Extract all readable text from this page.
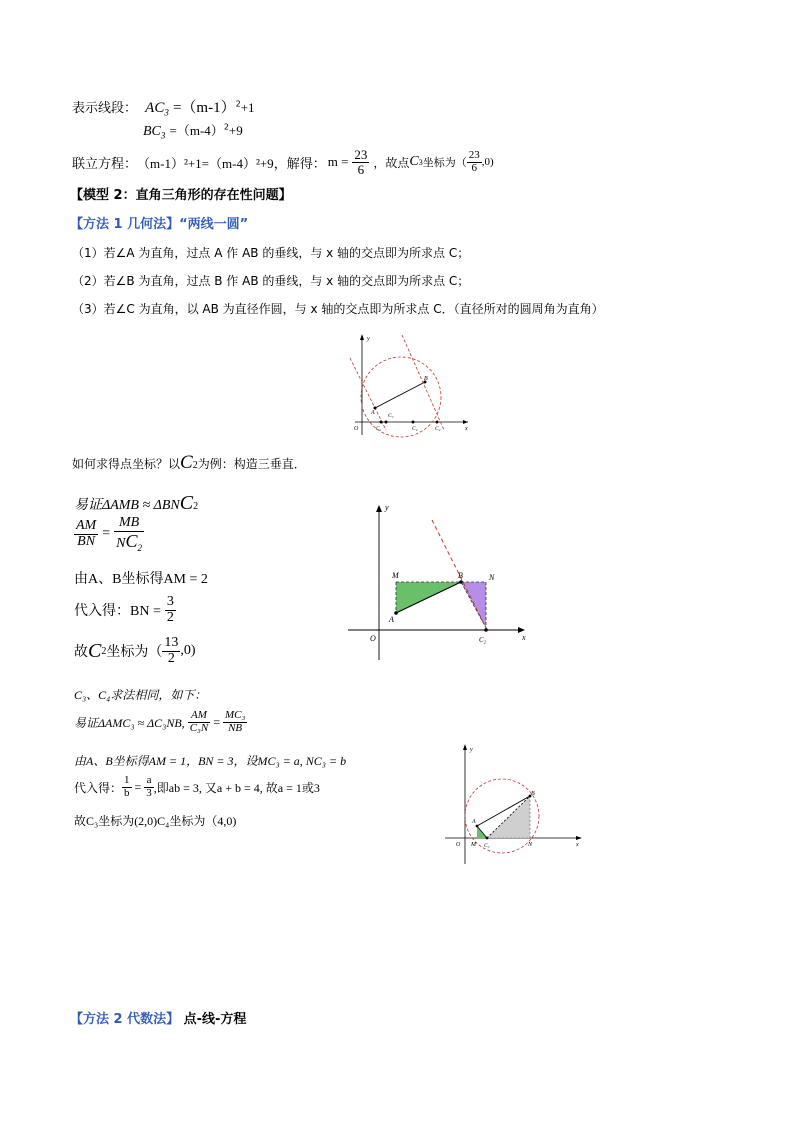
表示线段： $AC_3 =(m-1)^2+1$
$BC_3 =(m-4)^2+9$
联立方程： （m-1）²+1=（m-4）²+9 ，解得： $m = \frac{23}{6}$ ，故点 C 3 坐标为（ $\frac{23}{6} ,0$)
【模型 2：直角三角形的存在性问题】
【方法 1 几何法】“两线一圆”
（1）若∠A 为直角，过点 A 作 AB 的垂线，与 x 轴的交点即为所求点 C；
（2）若∠B 为直角，过点 B 作 AB 的垂线，与 x 轴的交点即为所求点 C；
（3）若∠C 为直角，以 AB 为直径作圆，与 x 轴的交点即为所求点 C．（直径所对的圆周角为直角）
y
x
O
A
B
C₁
C₃
C₄	C₂
如何求得点坐标？以 $C_2$ 为例：构造三垂直．
易证ΔAMB ≈ ΔBN $C_2$
$\frac{AM}{BN} = \frac{MB}{NC_2}$
由A、B坐标得AM = 2
代入得：BN = $\frac{3}{2}$
故 C 2 坐标为（ $\frac{13}{2} ,0$)
y
x
O
A
B
M	N
C₂
C₃、C₄求法相同，如下：
易证ΔAMC₃ ≈ ΔC₃NB, $\frac{AM}{\text{C₃N}} = \frac{\text{MC₃}}{NB}$
由A、B坐标得AM = 1，BN = 3，设MC₃ = a, NC₃ = b
代入得： $\frac{1}{b} = \frac{a}{3}$ ,即ab = 3, 又a + b = 4, 故a = 1或3
故C₃坐标为(2,0)C₄坐标为（4,0)
y
x
O
A
B
M	N
C₃
【方法 2 代数法】 点-线-方程
